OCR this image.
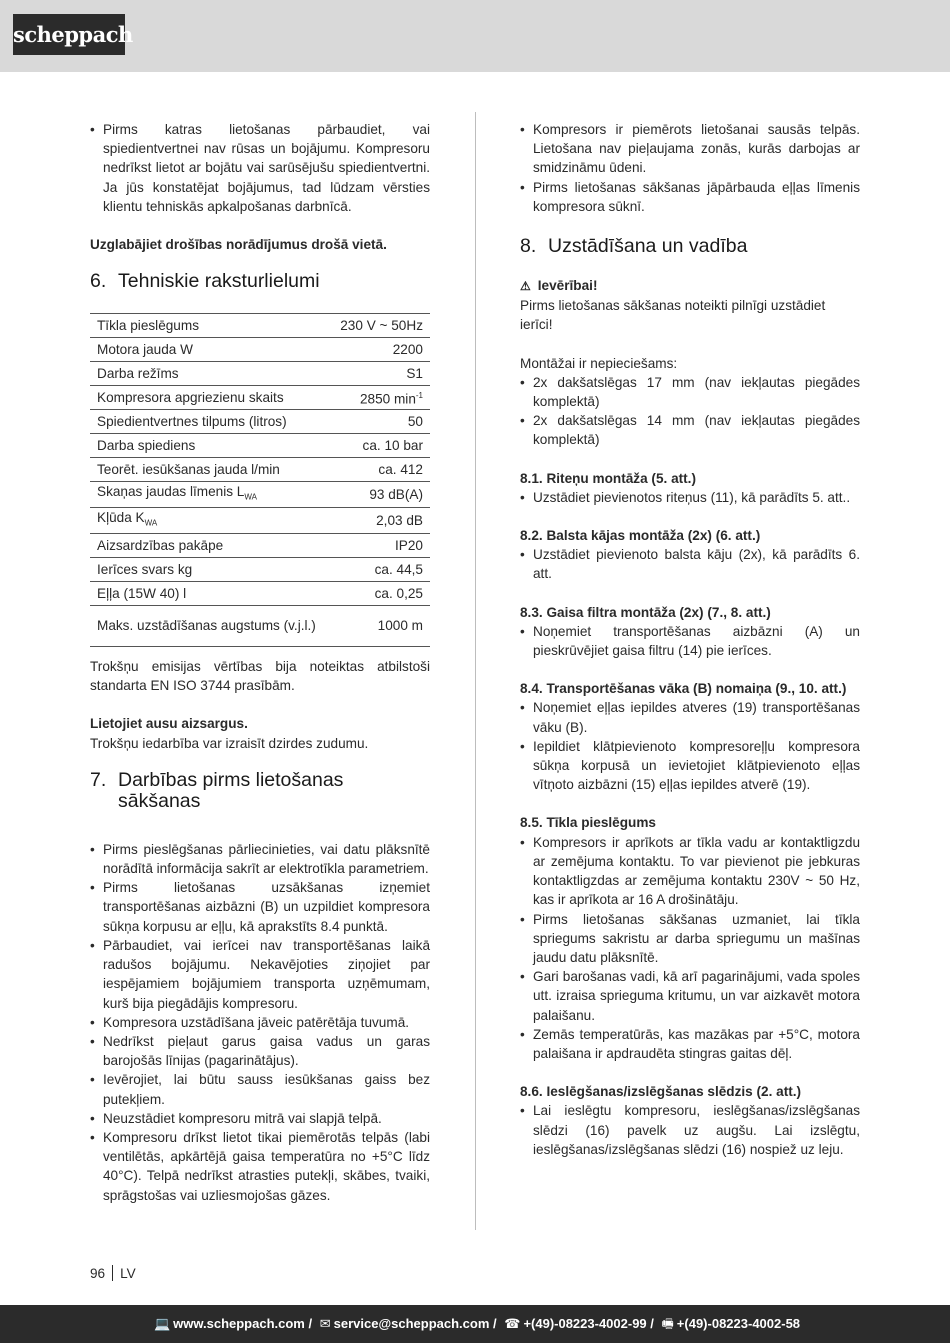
scheppach
• Pirms katras lietošanas pārbaudiet, vai spiedientvertnei nav rūsas un bojājumu. Kompresoru nedrīkst lietot ar bojātu vai sarūsējušu spiedientvertni. Ja jūs konstatējat bojājumus, tad lūdzam vērsties klientu tehniskās apkalpošanas darbnīcā.

Uzglabājiet drošības norādījumus drošā vietā.

6. Tehniskie raksturlielumi
Tīkla pieslēgums	230 V ~ 50Hz
Motora jauda W	2200
Darba režīms	S1
Kompresora apgriezienu skaits	2850 $\min^{-1}$
Spiedientvertnes tilpums (litros)	50
Darba spiediens	ca. 10 bar
Teorēt. iesūkšanas jauda l/min	ca. 412
Skaņas jaudas līmenis $L_{WA}$	93 dB(A)
Kļūda $K_{WA}$	2,03 dB
Aizsardzības pakāpe	IP20
Ierīces svars kg	ca. 44,5
Eļļa (15W 40) l	ca. 0,25
Maks. uzstādīšanas augstums (v.j.l.)	1000 m

Trokšņu emisijas vērtības bija noteiktas atbilstoši standarta EN ISO 3744 prasībām.

Lietojiet ausu aizsargus.

Trokšņu iedarbība var izraisīt dzirdes zudumu.

7. Darbības pirms lietošanas sākšanas
• Pirms pieslēgšanas pārliecinieties, vai datu plāksnītē norādītā informācija sakrīt ar elektrotīkla parametriem.
• Pirms lietošanas uzsākšanas izņemiet transportēšanas aizbāzni (B) un uzpildiet kompresora sūkņa korpusu ar eļļu, kā aprakstīts 8.4 punktā.
• Pārbaudiet, vai ierīcei nav transportēšanas laikā radušos bojājumu. Nekavējoties ziņojiet par iespējamiem bojājumiem transporta uzņēmumam, kurš bija piegādājis kompresoru.
• Kompresora uzstādīšana jāveic patērētāja tuvumā.
• Nedrīkst pieļaut garus gaisa vadus un garas barojošās līnijas (pagarinātājus).
• Ievērojiet, lai būtu sauss iesūkšanas gaiss bez putekļiem.
• Neuzstādiet kompresoru mitrā vai slapjā telpā.
• Kompresoru drīkst lietot tikai piemērotās telpās (labi ventilētās, apkārtējā gaisa temperatūra no +5°C līdz 40°C). Telpā nedrīkst atrasties putekļi, skābes, tvaiki, sprāgstošas vai uzliesmojošas gāzes.
• Kompresors ir piemērots lietošanai sausās telpās. Lietošana nav pieļaujama zonās, kurās darbojas ar smidzināmu ūdeni.
• Pirms lietošanas sākšanas jāpārbauda eļļas līmenis kompresora sūknī.
8. Uzstādīšana un vadība

⚠ Ievērībai!

Pirms lietošanas sākšanas noteikti pilnīgi uzstādiet ierīci!

Montāžai ir nepieciešams:

• 2x dakšatslēgas 17 mm (nav iekļautas piegādes komplektā)
• 2x dakšatslēgas 14 mm (nav iekļautas piegādes komplektā)

8.1. Riteņu montāža (5. att.)

• Uzstādiet pievienotos riteņus (11), kā parādīts 5. att..

8.2. Balsta kājas montāža (2x) (6. att.)

• Uzstādiet pievienoto balsta kāju (2x), kā parādīts 6. att.

8.3. Gaisa filtra montāža (2x) (7., 8. att.)

• Noņemiet transportēšanas aizbāzni (A) un pieskrūvējiet gaisa filtru (14) pie ierīces.

8.4. Transportēšanas vāka (B) nomaiņa (9., 10. att.)

• Noņemiet eļļas iepildes atveres (19) transportēšanas vāku (B).
• Iepildiet klātpievienoto kompresoreļļu kompresora sūkņa korpusā un ievietojiet klātpievienoto eļļas vītņoto aizbāzni (15) eļļas iepildes atverē (19).

8.5. Tīkla pieslēgums

• Kompresors ir aprīkots ar tīkla vadu ar kontaktligzdu ar zemējuma kontaktu. To var pievienot pie jebkuras kontaktligzdas ar zemējuma kontaktu 230V ~ 50 Hz, kas ir aprīkota ar 16 A drošinātāju.
• Pirms lietošanas sākšanas uzmaniet, lai tīkla spriegums sakristu ar darba spriegumu un mašīnas jaudu datu plāksnītē.
• Gari barošanas vadi, kā arī pagarinājumi, vada spoles utt. izraisa sprieguma kritumu, un var aizkavēt motora palaišanu.
• Zemās temperatūrās, kas mazākas par +5°C, motora palaišana ir apdraudēta stingras gaitas dēļ.

8.6. Ieslēgšanas/izslēgšanas slēdzis (2. att.)

• Lai ieslēgtu kompresoru, ieslēgšanas/izslēgšanas slēdzi (16) pavelk uz augšu. Lai izslēgtu, ieslēgšanas/izslēgšanas slēdzi (16) nospiež uz leju.
96 LV
💻 www.scheppach.com / ✉ service@scheppach.com / ☎ +(49)-08223-4002-99 / 🖷 +(49)-08223-4002-58
